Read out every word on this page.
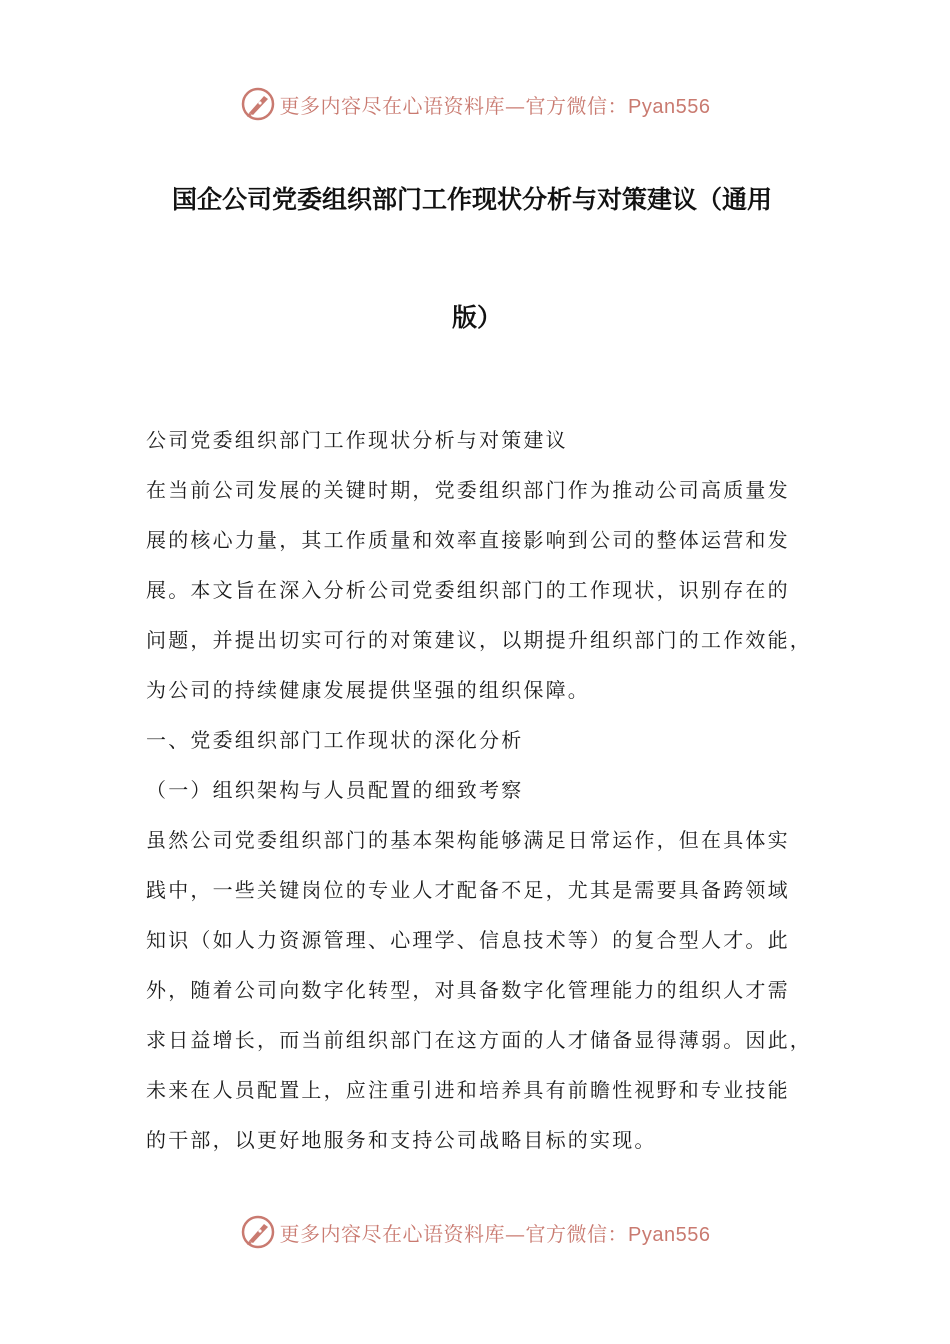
更多内容尽在心语资料库—官方微信：Pyan556
国企公司党委组织部门工作现状分析与对策建议（通用
版）
公司党委组织部门工作现状分析与对策建议
在当前公司发展的关键时期，党委组织部门作为推动公司高质量发
展的核心力量，其工作质量和效率直接影响到公司的整体运营和发
展。本文旨在深入分析公司党委组织部门的工作现状，识别存在的
问题，并提出切实可行的对策建议，以期提升组织部门的工作效能，
为公司的持续健康发展提供坚强的组织保障。
一、党委组织部门工作现状的深化分析
（一）组织架构与人员配置的细致考察
虽然公司党委组织部门的基本架构能够满足日常运作，但在具体实
践中，一些关键岗位的专业人才配备不足，尤其是需要具备跨领域
知识（如人力资源管理、心理学、信息技术等）的复合型人才。此
外，随着公司向数字化转型，对具备数字化管理能力的组织人才需
求日益增长，而当前组织部门在这方面的人才储备显得薄弱。因此，
未来在人员配置上，应注重引进和培养具有前瞻性视野和专业技能
的干部，以更好地服务和支持公司战略目标的实现。
更多内容尽在心语资料库—官方微信：Pyan556
